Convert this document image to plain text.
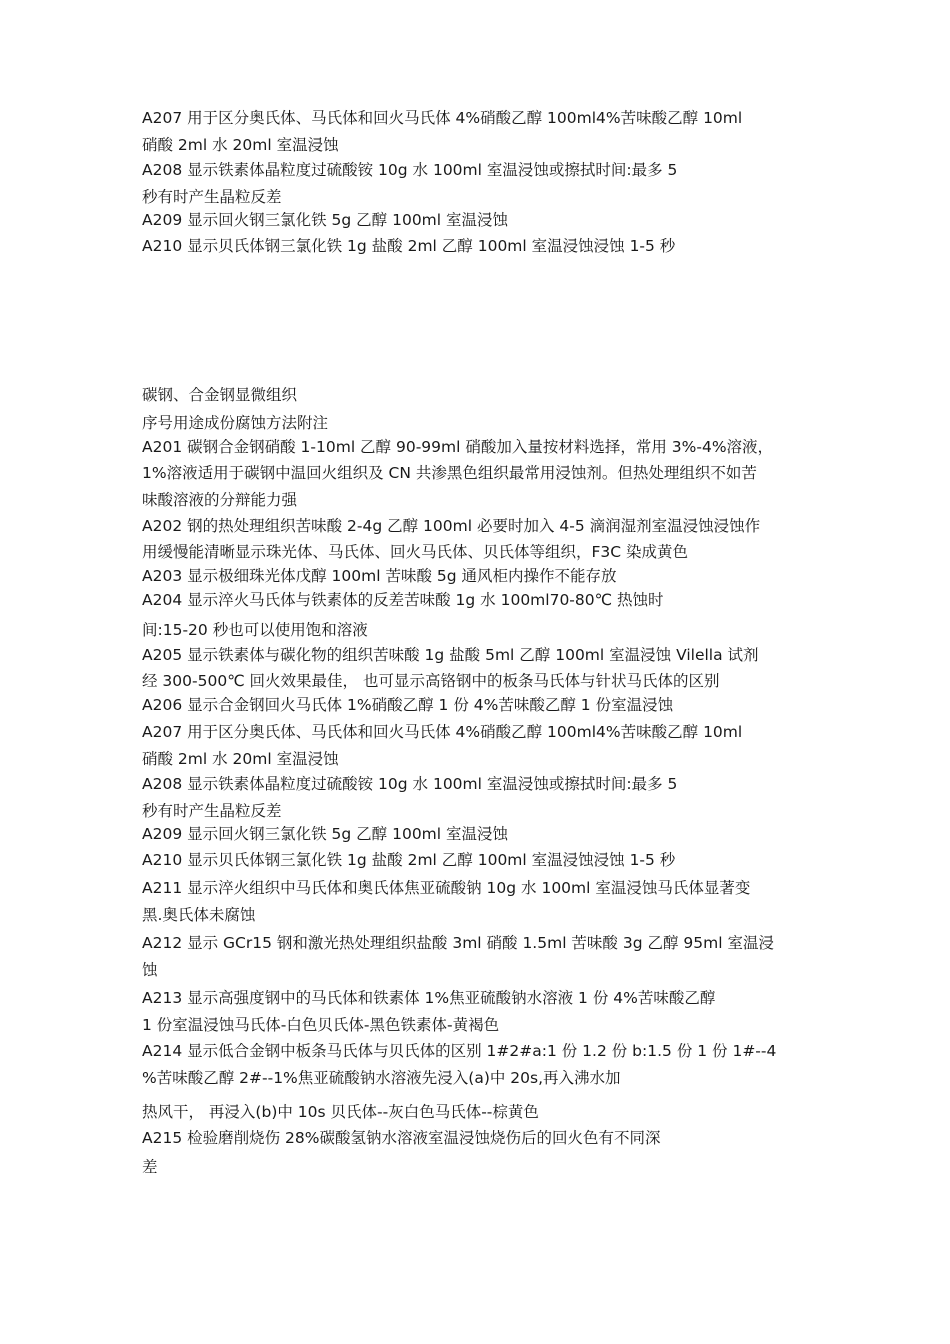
A207 用于区分奥氏体、马氏体和回火马氏体 4%硝酸乙醇 100ml4%苦味酸乙醇 10ml
硝酸 2ml 水 20ml 室温浸蚀
A208 显示铁素体晶粒度过硫酸铵 10g 水 100ml 室温浸蚀或擦拭时间:最多 5
秒有时产生晶粒反差
A209 显示回火钢三氯化铁 5g 乙醇 100ml 室温浸蚀
A210 显示贝氏体钢三氯化铁 1g 盐酸 2ml 乙醇 100ml 室温浸蚀浸蚀 1-5 秒
碳钢、合金钢显微组织
序号用途成份腐蚀方法附注
A201 碳钢合金钢硝酸 1-10ml 乙醇 90-99ml 硝酸加入量按材料选择，常用 3%-4%溶液，
1%溶液适用于碳钢中温回火组织及 CN 共渗黑色组织最常用浸蚀剂。但热处理组织不如苦
味酸溶液的分辩能力强
A202 钢的热处理组织苦味酸 2-4g 乙醇 100ml 必要时加入 4-5 滴润湿剂室温浸蚀浸蚀作
用缓慢能清晰显示珠光体、马氏体、回火马氏体、贝氏体等组织，F3C 染成黄色
A203 显示极细珠光体戊醇 100ml 苦味酸 5g 通风柜内操作不能存放
A204 显示淬火马氏体与铁素体的反差苦味酸 1g 水 100ml70-80℃ 热蚀时
间:15-20 秒也可以使用饱和溶液
A205 显示铁素体与碳化物的组织苦味酸 1g 盐酸 5ml 乙醇 100ml 室温浸蚀 Vilella 试剂
经 300-500℃ 回火效果最佳， 也可显示高铬钢中的板条马氏体与针状马氏体的区别
A206 显示合金钢回火马氏体 1%硝酸乙醇 1 份 4%苦味酸乙醇 1 份室温浸蚀
A207 用于区分奥氏体、马氏体和回火马氏体 4%硝酸乙醇 100ml4%苦味酸乙醇 10ml
硝酸 2ml 水 20ml 室温浸蚀
A208 显示铁素体晶粒度过硫酸铵 10g 水 100ml 室温浸蚀或擦拭时间:最多 5
秒有时产生晶粒反差
A209 显示回火钢三氯化铁 5g 乙醇 100ml 室温浸蚀
A210 显示贝氏体钢三氯化铁 1g 盐酸 2ml 乙醇 100ml 室温浸蚀浸蚀 1-5 秒
A211 显示淬火组织中马氏体和奥氏体焦亚硫酸钠 10g 水 100ml 室温浸蚀马氏体显著变
黑.奥氏体未腐蚀
A212 显示 GCr15 钢和激光热处理组织盐酸 3ml 硝酸 1.5ml 苦味酸 3g 乙醇 95ml 室温浸
蚀
A213 显示高强度钢中的马氏体和铁素体 1%焦亚硫酸钠水溶液 1 份 4%苦味酸乙醇
1 份室温浸蚀马氏体-白色贝氏体-黑色铁素体-黄褐色
A214 显示低合金钢中板条马氏体与贝氏体的区别 1#2#a:1 份 1.2 份 b:1.5 份 1 份 1#--4
%苦味酸乙醇 2#--1%焦亚硫酸钠水溶液先浸入(a)中 20s,再入沸水加
热风干， 再浸入(b)中 10s 贝氏体--灰白色马氏体--棕黄色
A215 检验磨削烧伤 28%碳酸氢钠水溶液室温浸蚀烧伤后的回火色有不同深
差
